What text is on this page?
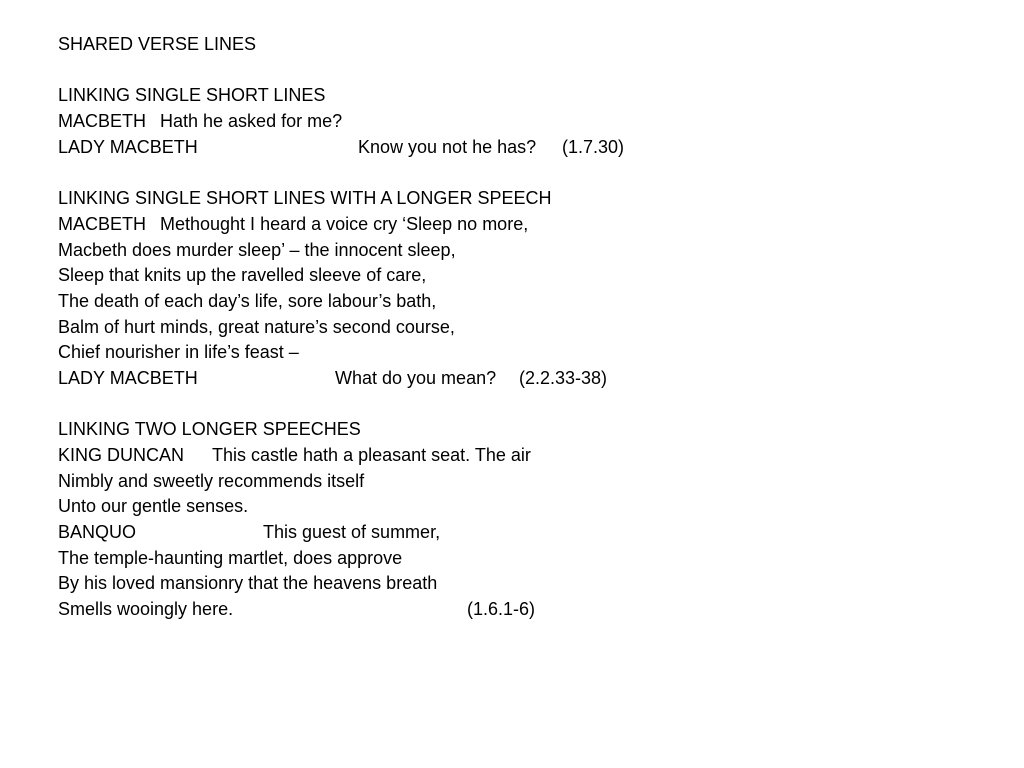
SHARED VERSE LINES
LINKING SINGLE SHORT LINES
MACBETH Hath he asked for me?
LADY MACBETH	Know you not he has? (1.7.30)
LINKING SINGLE SHORT LINES WITH A LONGER SPEECH
MACBETH Methought I heard a voice cry ‘Sleep no more,
Macbeth does murder sleep’ – the innocent sleep,
Sleep that knits up the ravelled sleeve of care,
The death of each day’s life, sore labour’s bath,
Balm of hurt minds, great nature’s second course,
Chief nourisher in life’s feast –
LADY MACBETH	What do you mean? (2.2.33-38)
LINKING TWO LONGER SPEECHES
KING DUNCAN This castle hath a pleasant seat. The air
Nimbly and sweetly recommends itself
Unto our gentle senses.
BANQUO	This guest of summer,
The temple-haunting martlet, does approve
By his loved mansionry that the heavens breath
Smells wooingly here.	(1.6.1-6)
